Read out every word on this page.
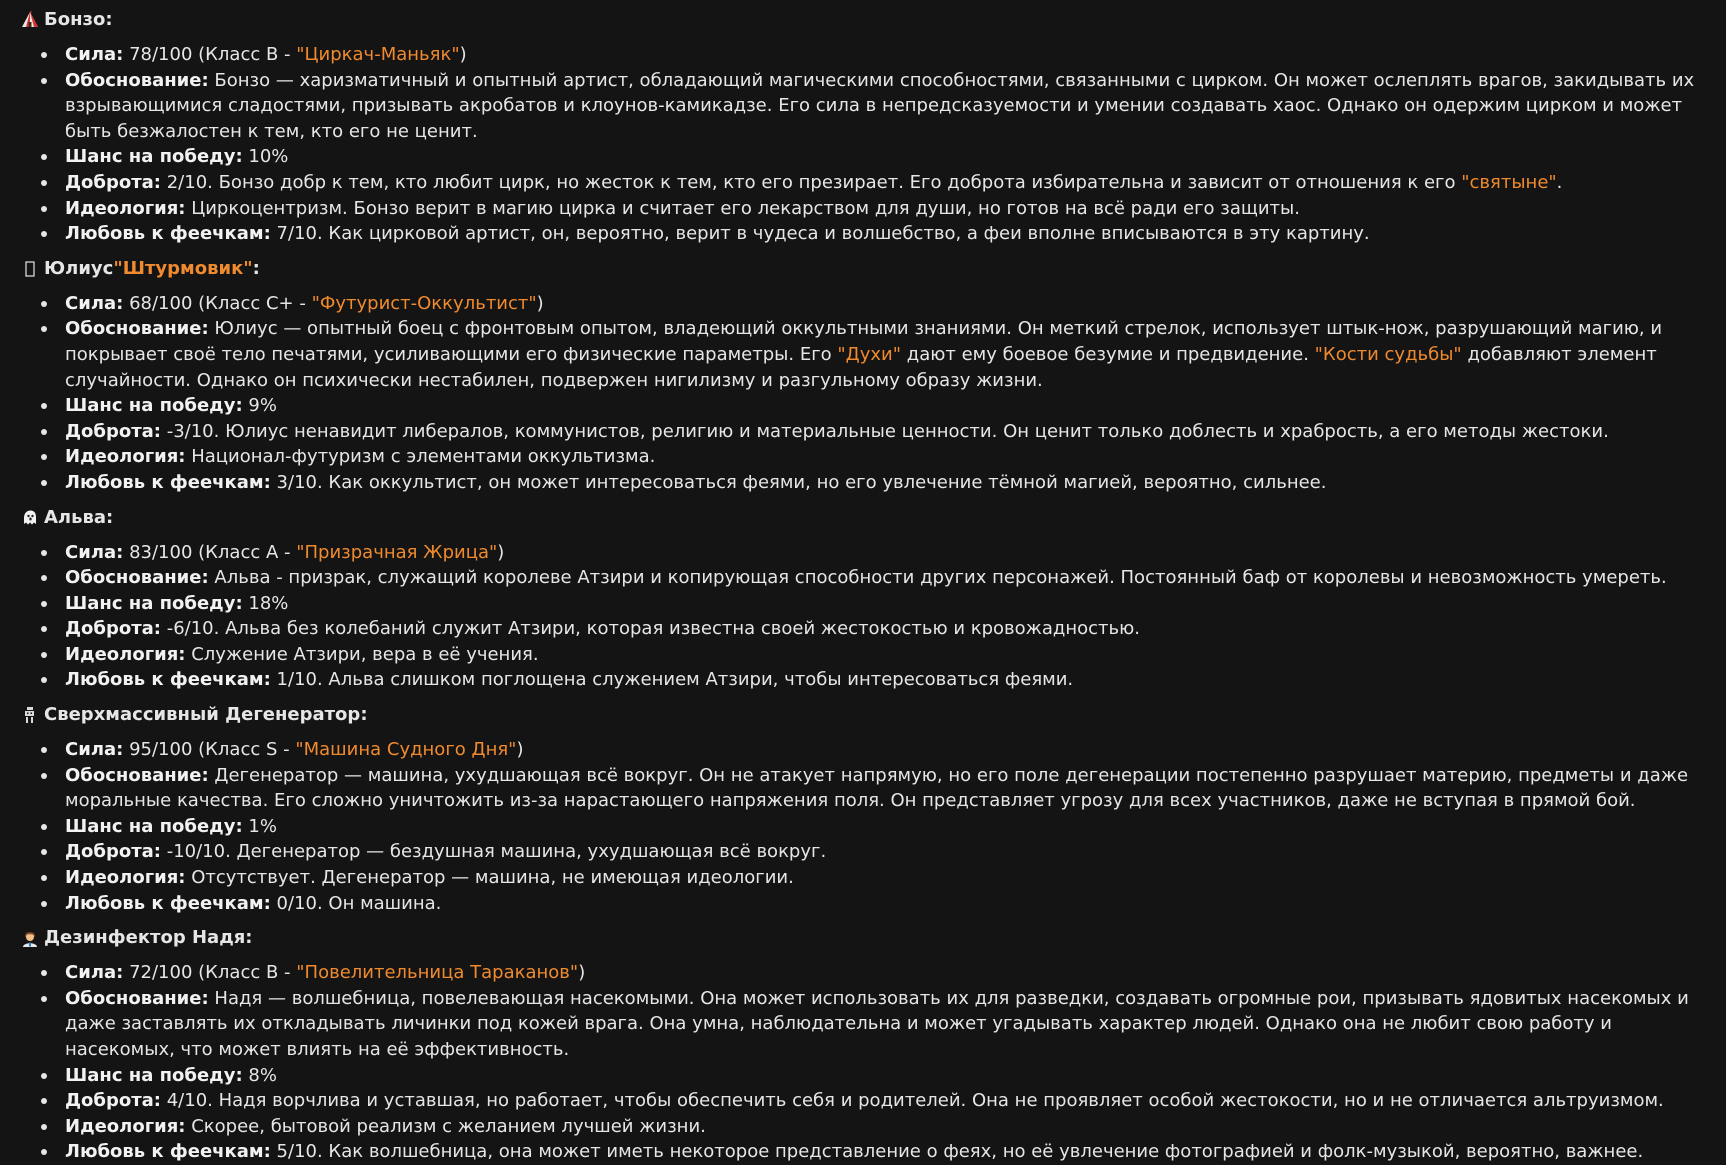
Бонзо :

Сила: 78/100 (Класс B - "Циркач-Маньяк")
Обоснование: Бонзо — харизматичный и опытный артист, обладающий магическими способностями, связанными с цирком. Он может ослеплять врагов, закидывать их взрывающимися сладостями, призывать акробатов и клоунов-камикадзе. Его сила в непредсказуемости и умении создавать хаос. Однако он одержим цирком и может быть безжалостен к тем, кто его не ценит.
Шанс на победу: 10%
Доброта: 2/10. Бонзо добр к тем, кто любит цирк, но жесток к тем, кто его презирает. Его доброта избирательна и зависит от отношения к его "святыне".
Идеология: Циркоцентризм. Бонзо верит в магию цирка и считает его лекарством для души, но готов на всё ради его защиты.
Любовь к феечкам: 7/10. Как цирковой артист, он, вероятно, верит в чудеса и волшебство, а феи вполне вписываются в эту картину.

Юлиус "Штурмовик" :

Сила: 68/100 (Класс C+ - "Футурист-Оккультист")
Обоснование: Юлиус — опытный боец с фронтовым опытом, владеющий оккультными знаниями. Он меткий стрелок, использует штык-нож, разрушающий магию, и покрывает своё тело печатями, усиливающими его физические параметры. Его "Духи" дают ему боевое безумие и предвидение. "Кости судьбы" добавляют элемент случайности. Однако он психически нестабилен, подвержен нигилизму и разгульному образу жизни.
Шанс на победу: 9%
Доброта: -3/10. Юлиус ненавидит либералов, коммунистов, религию и материальные ценности. Он ценит только доблесть и храбрость, а его методы жестоки.
Идеология: Национал-футуризм с элементами оккультизма.
Любовь к феечкам: 3/10. Как оккультист, он может интересоваться феями, но его увлечение тёмной магией, вероятно, сильнее.

Альва :

Сила: 83/100 (Класс A - "Призрачная Жрица")
Обоснование: Альва - призрак, служащий королеве Атзири и копирующая способности других персонажей. Постоянный баф от королевы и невозможность умереть.
Шанс на победу: 18%
Доброта: -6/10. Альва без колебаний служит Атзири, которая известна своей жестокостью и кровожадностью.
Идеология: Служение Атзири, вера в её учения.
Любовь к феечкам: 1/10. Альва слишком поглощена служением Атзири, чтобы интересоваться феями.

Сверхмассивный Дегенератор :

Сила: 95/100 (Класс S - "Машина Судного Дня")
Обоснование: Дегенератор — машина, ухудшающая всё вокруг. Он не атакует напрямую, но его поле дегенерации постепенно разрушает материю, предметы и даже моральные качества. Его сложно уничтожить из-за нарастающего напряжения поля. Он представляет угрозу для всех участников, даже не вступая в прямой бой.
Шанс на победу: 1%
Доброта: -10/10. Дегенератор — бездушная машина, ухудшающая всё вокруг.
Идеология: Отсутствует. Дегенератор — машина, не имеющая идеологии.
Любовь к феечкам: 0/10. Он машина.

Дезинфектор Надя :

Сила: 72/100 (Класс B - "Повелительница Тараканов")
Обоснование: Надя — волшебница, повелевающая насекомыми. Она может использовать их для разведки, создавать огромные рои, призывать ядовитых насекомых и даже заставлять их откладывать личинки под кожей врага. Она умна, наблюдательна и может угадывать характер людей. Однако она не любит свою работу и насекомых, что может влиять на её эффективность.
Шанс на победу: 8%
Доброта: 4/10. Надя ворчлива и уставшая, но работает, чтобы обеспечить себя и родителей. Она не проявляет особой жестокости, но и не отличается альтруизмом.
Идеология: Скорее, бытовой реализм с желанием лучшей жизни.
Любовь к феечкам: 5/10. Как волшебница, она может иметь некоторое представление о феях, но её увлечение фотографией и фолк-музыкой, вероятно, важнее.
